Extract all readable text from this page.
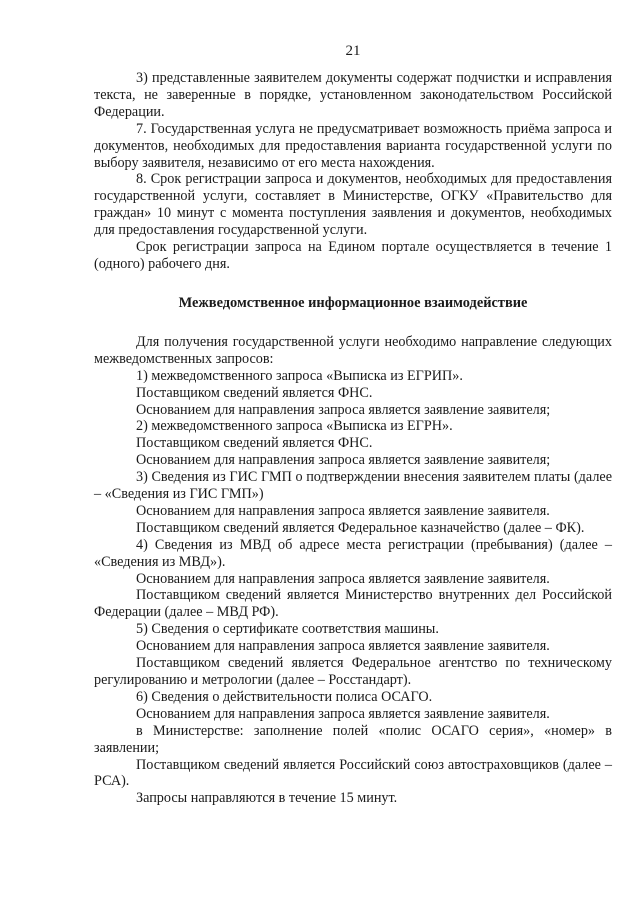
21

3) представленные заявителем документы содержат подчистки и исправления текста, не заверенные в порядке, установленном законодательством Российской Федерации.

7. Государственная услуга не предусматривает возможность приёма запроса и документов, необходимых для предоставления варианта государственной услуги по выбору заявителя, независимо от его места нахождения.

8. Срок регистрации запроса и документов, необходимых для предоставления государственной услуги, составляет в Министерстве, ОГКУ «Правительство для граждан» 10 минут с момента поступления заявления и документов, необходимых для предоставления государственной услуги.

Срок регистрации запроса на Едином портале осуществляется в течение 1 (одного) рабочего дня.

Межведомственное информационное взаимодействие

Для получения государственной услуги необходимо направление следующих межведомственных запросов:

1) межведомственного запроса «Выписка из ЕГРИП».

Поставщиком сведений является ФНС.

Основанием для направления запроса является заявление заявителя;

2) межведомственного запроса «Выписка из ЕГРН».

Поставщиком сведений является ФНС.

Основанием для направления запроса является заявление заявителя;

3) Сведения из ГИС ГМП о подтверждении внесения заявителем платы (далее – «Сведения из ГИС ГМП»)

Основанием для направления запроса является заявление заявителя.

Поставщиком сведений является Федеральное казначейство (далее – ФК).

4) Сведения из МВД об адресе места регистрации (пребывания) (далее – «Сведения из МВД»).

Основанием для направления запроса является заявление заявителя.

Поставщиком сведений является Министерство внутренних дел Российской Федерации (далее – МВД РФ).

5) Сведения о сертификате соответствия машины.

Основанием для направления запроса является заявление заявителя.

Поставщиком сведений является Федеральное агентство по техническому регулированию и метрологии (далее – Росстандарт).

6) Сведения о действительности полиса ОСАГО.

Основанием для направления запроса является заявление заявителя.

в Министерстве: заполнение полей «полис ОСАГО серия», «номер» в заявлении;

Поставщиком сведений является Российский союз автостраховщиков (далее – РСА).

Запросы направляются в течение 15 минут.
